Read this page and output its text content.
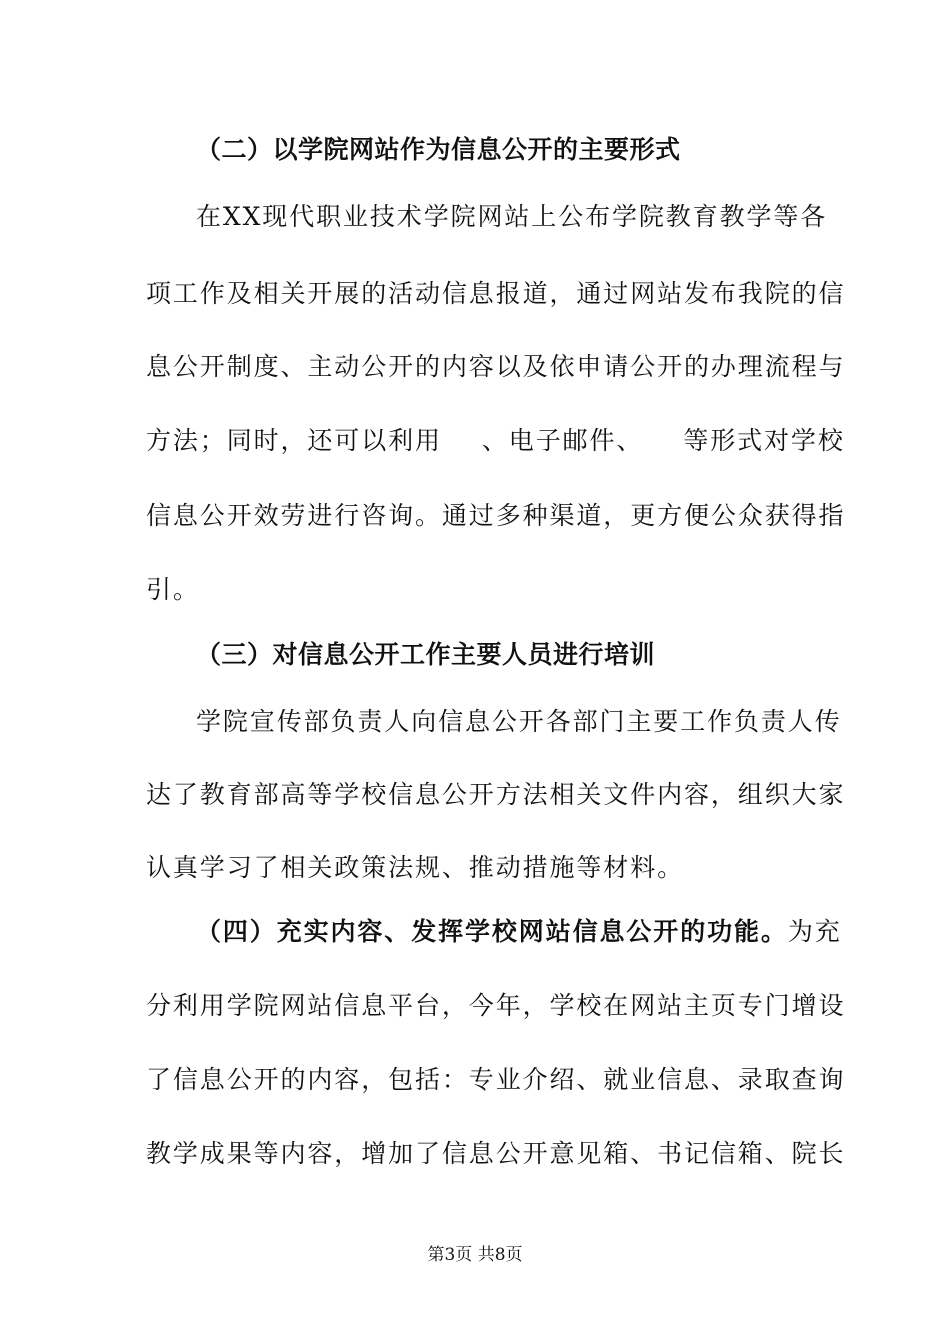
（二）以学院网站作为信息公开的主要形式
在XX现代职业技术学院网站上公布学院教育教学等各
项工作及相关开展的活动信息报道，通过网站发布我院的信
息公开制度、主动公开的内容以及依申请公开的办理流程与
方法；同时，还可以利用 、电子邮件、 等形式对学校
信息公开效劳进行咨询。通过多种渠道，更方便公众获得指
引。
（三）对信息公开工作主要人员进行培训
学院宣传部负责人向信息公开各部门主要工作负责人传
达了教育部高等学校信息公开方法相关文件内容，组织大家
认真学习了相关政策法规、推动措施等材料。
（四）充实内容、发挥学校网站信息公开的功能。为充
分利用学院网站信息平台，今年，学校在网站主页专门增设
了信息公开的内容，包括：专业介绍、就业信息、录取查询
教学成果等内容，增加了信息公开意见箱、书记信箱、院长
第3页 共8页
